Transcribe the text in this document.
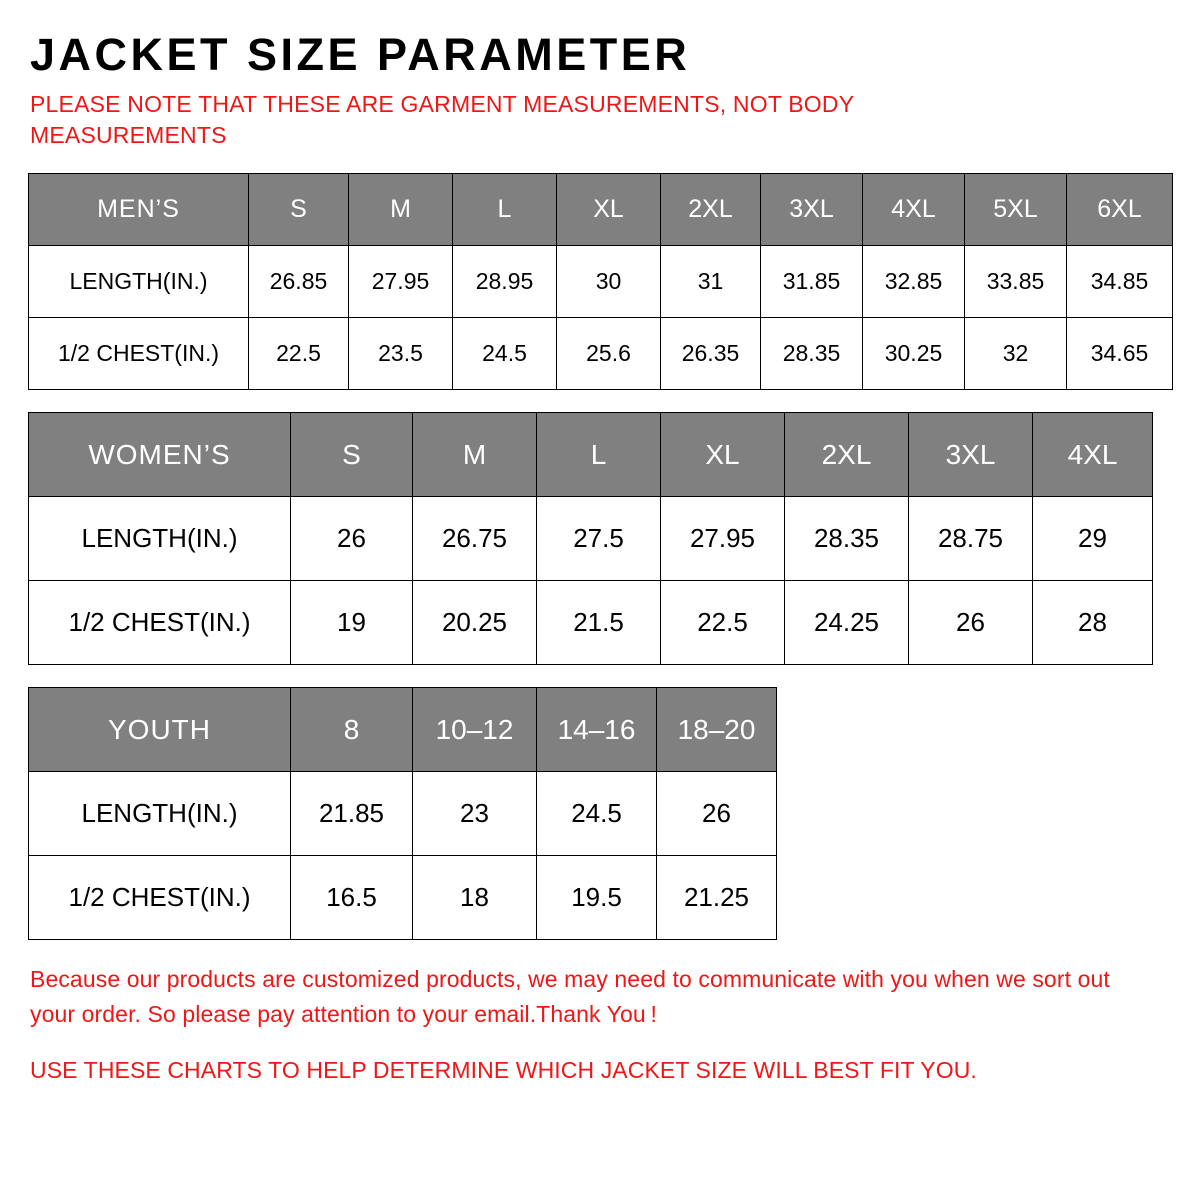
JACKET SIZE PARAMETER

PLEASE NOTE THAT THESE ARE GARMENT MEASUREMENTS, NOT BODY MEASUREMENTS

MEN’S	S	M	L	XL	2XL	3XL	4XL	5XL	6XL
LENGTH(IN.)	26.85	27.95	28.95	30	31	31.85	32.85	33.85	34.85
1/2 CHEST(IN.)	22.5	23.5	24.5	25.6	26.35	28.35	30.25	32	34.65
WOMEN’S	S	M	L	XL	2XL	3XL	4XL
LENGTH(IN.)	26	26.75	27.5	27.95	28.35	28.75	29
1/2 CHEST(IN.)	19	20.25	21.5	22.5	24.25	26	28
YOUTH	8	10–12	14–16	18–20
LENGTH(IN.)	21.85	23	24.5	26
1/2 CHEST(IN.)	16.5	18	19.5	21.25

Because our products are customized products, we may need to communicate with you when we sort out your order. So please pay attention to your email.Thank You !

USE THESE CHARTS TO HELP DETERMINE WHICH JACKET SIZE WILL BEST FIT YOU.
